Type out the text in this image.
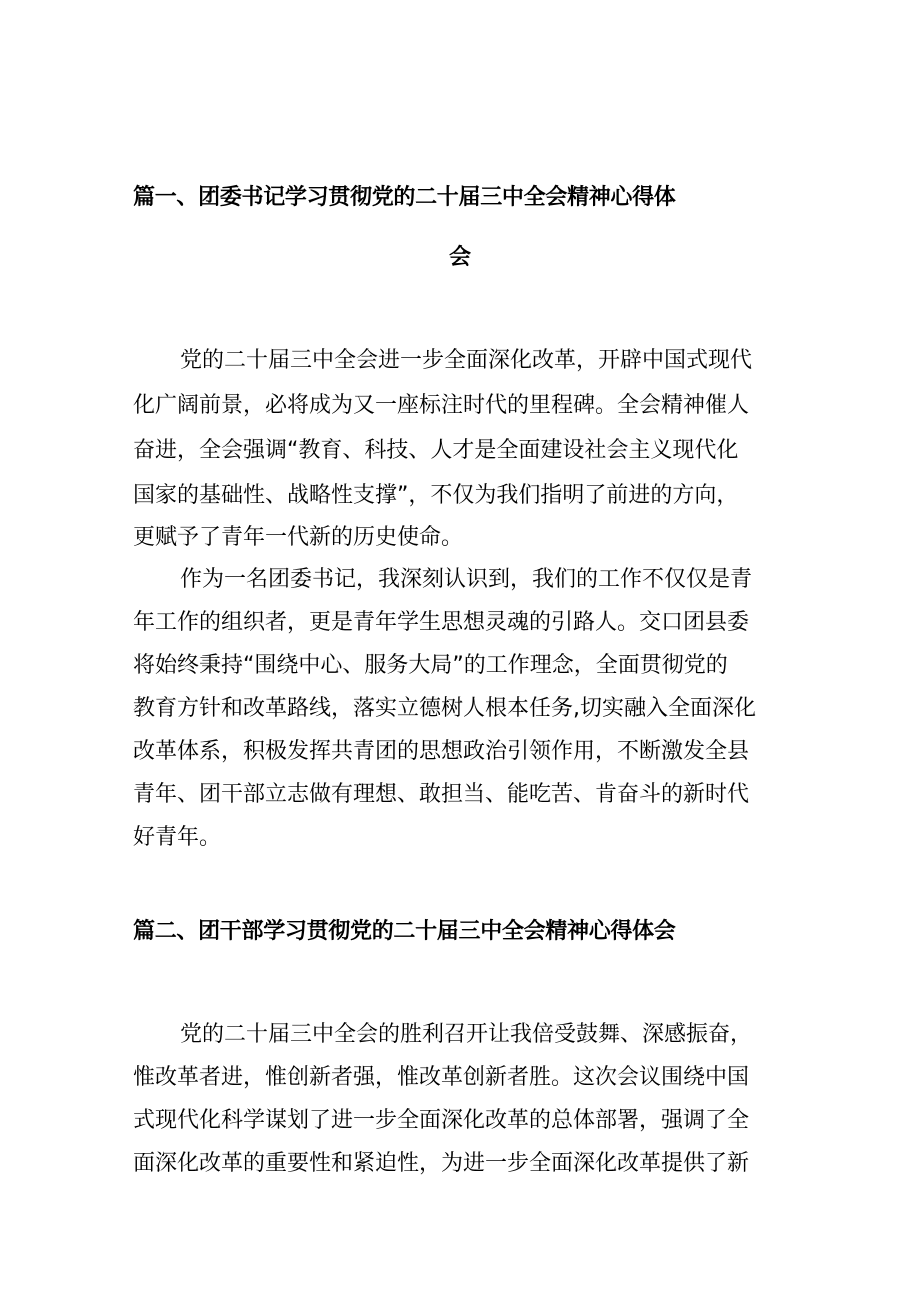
篇一、团委书记学习贯彻党的二十届三中全会精神心得体
会

党的二十届三中全会进一步全面深化改革，开辟中国式现代

化广阔前景，必将成为又一座标注时代的里程碑。全会精神催人

奋进，全会强调“教育、科技、人才是全面建设社会主义现代化

国家的基础性、战略性支撑”，不仅为我们指明了前进的方向，

更赋予了青年一代新的历史使命。

作为一名团委书记，我深刻认识到，我们的工作不仅仅是青

年工作的组织者，更是青年学生思想灵魂的引路人。交口团县委

将始终秉持“围绕中心、服务大局”的工作理念，全面贯彻党的

教育方针和改革路线，落实立德树人根本任务,切实融入全面深化

改革体系，积极发挥共青团的思想政治引领作用，不断激发全县

青年、团干部立志做有理想、敢担当、能吃苦、肯奋斗的新时代

好青年。

篇二、团干部学习贯彻党的二十届三中全会精神心得体会

党的二十届三中全会的胜利召开让我倍受鼓舞、深感振奋，

惟改革者进，惟创新者强，惟改革创新者胜。这次会议围绕中国

式现代化科学谋划了进一步全面深化改革的总体部署，强调了全

面深化改革的重要性和紧迫性，为进一步全面深化改革提供了新
